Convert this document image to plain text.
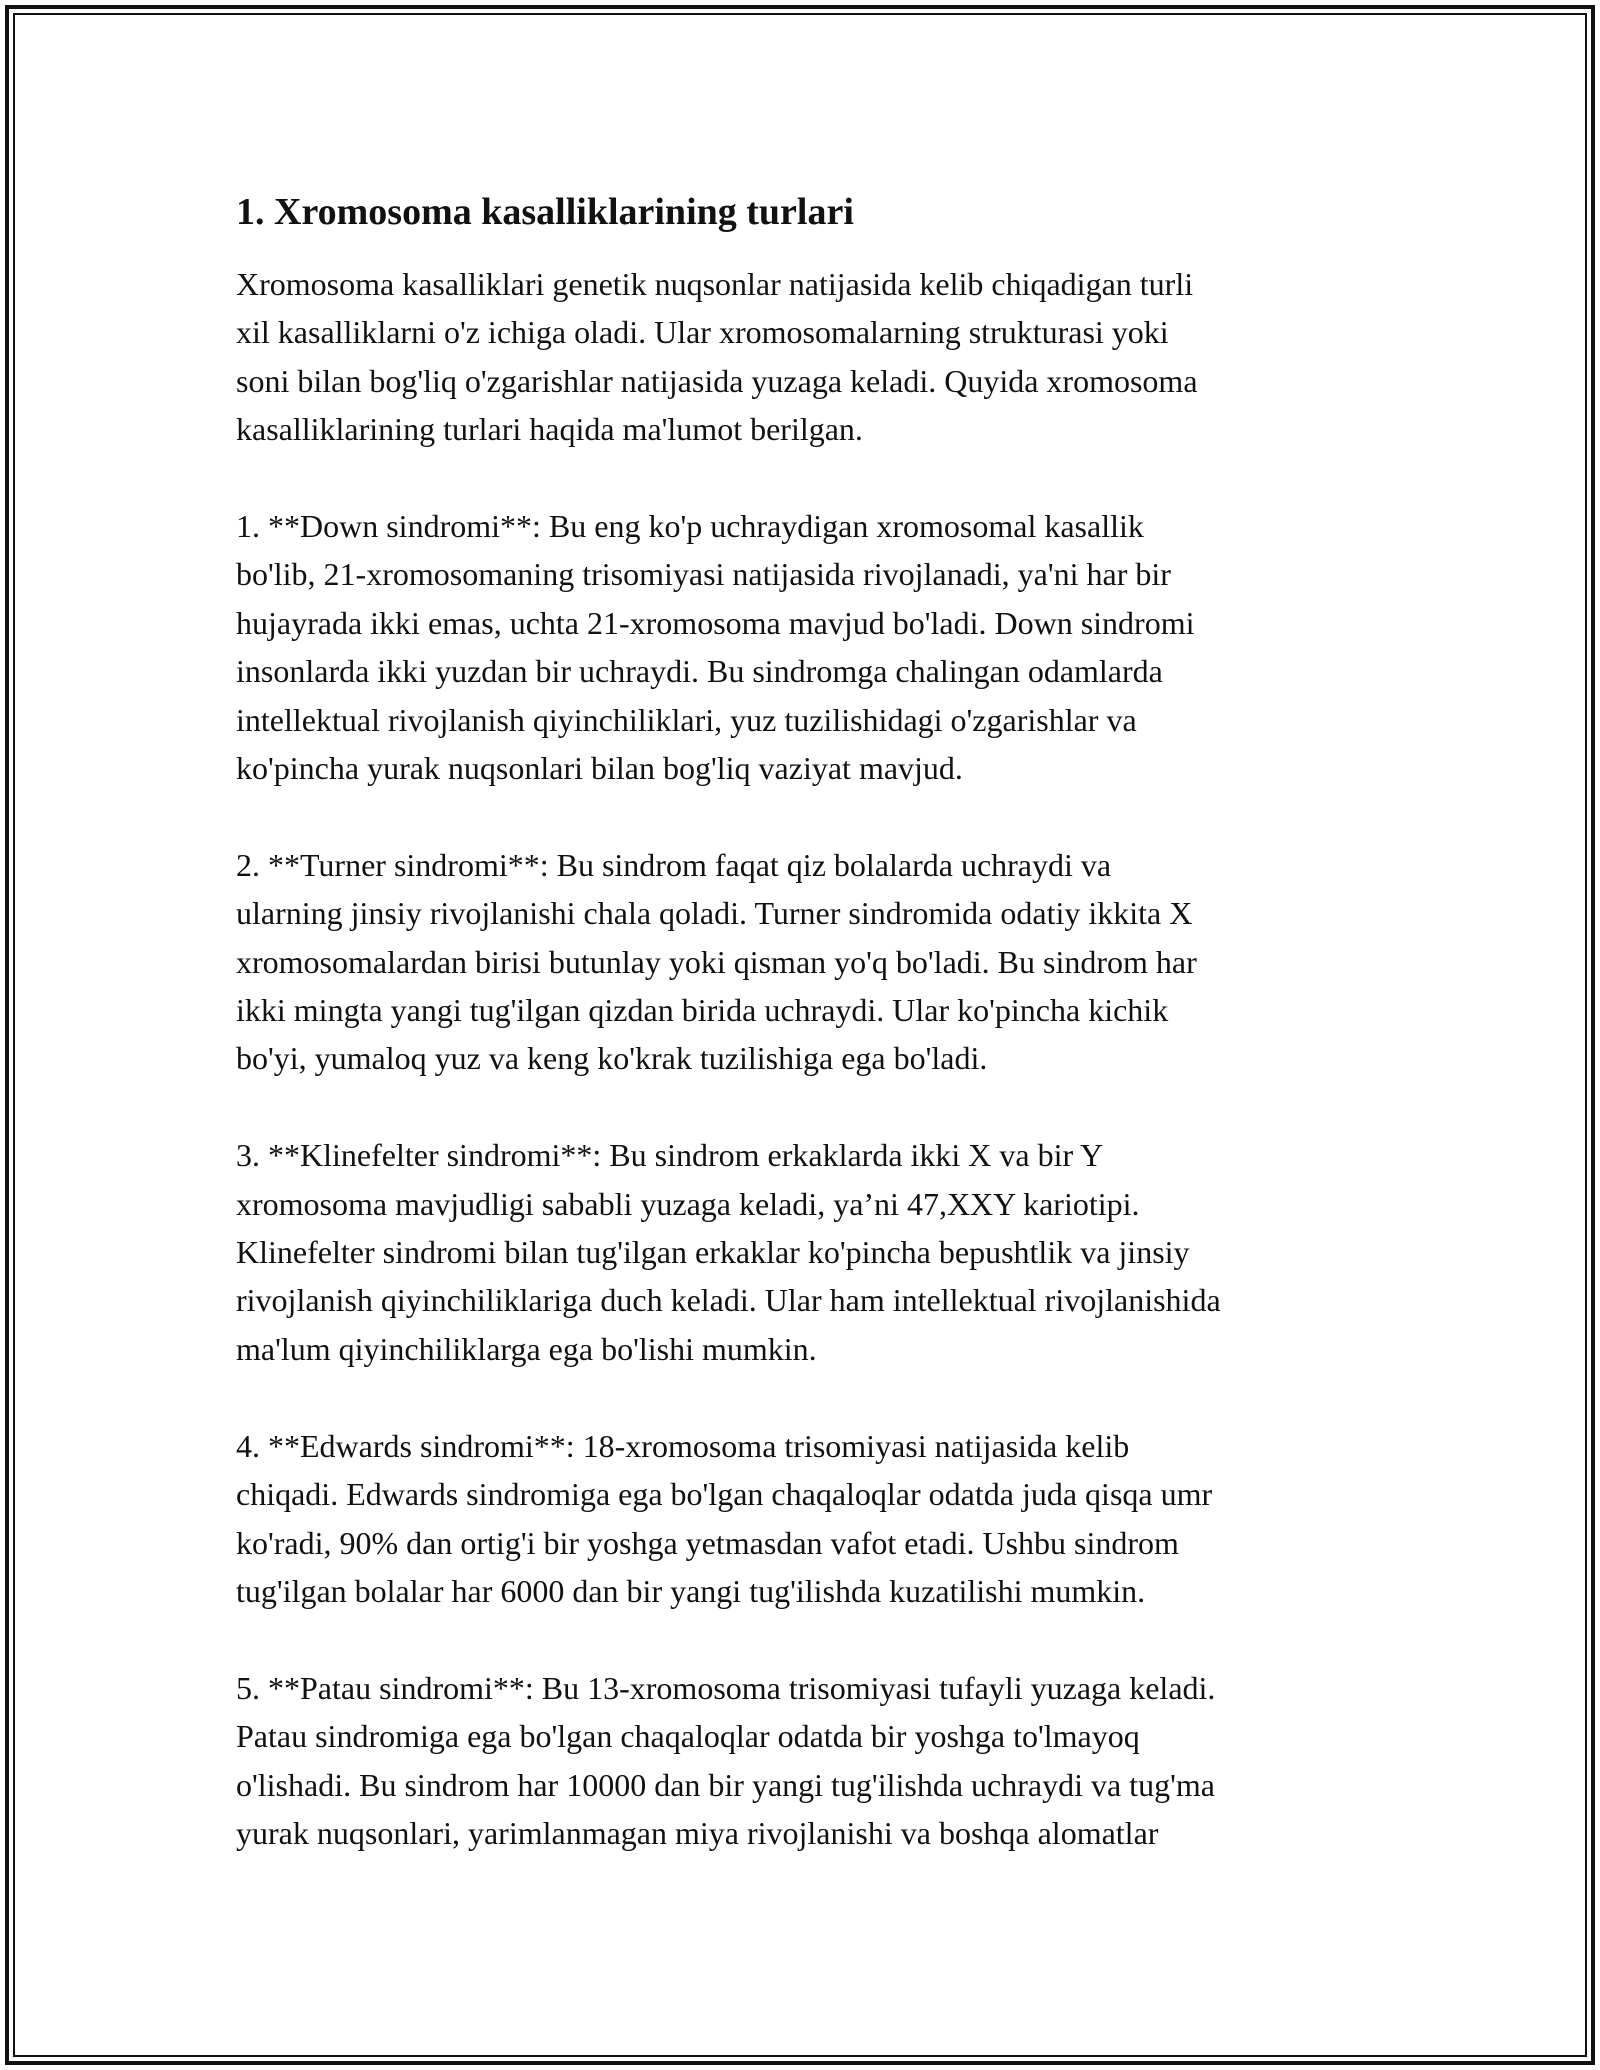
1. Xromosoma kasalliklarining turlari

Xromosoma kasalliklari genetik nuqsonlar natijasida kelib chiqadigan turli
xil kasalliklarni o'z ichiga oladi. Ular xromosomalarning strukturasi yoki
soni bilan bog'liq o'zgarishlar natijasida yuzaga keladi. Quyida xromosoma
kasalliklarining turlari haqida ma'lumot berilgan.

1. **Down sindromi**: Bu eng ko'p uchraydigan xromosomal kasallik
bo'lib, 21-xromosomaning trisomiyasi natijasida rivojlanadi, ya'ni har bir
hujayrada ikki emas, uchta 21-xromosoma mavjud bo'ladi. Down sindromi
insonlarda ikki yuzdan bir uchraydi. Bu sindromga chalingan odamlarda
intellektual rivojlanish qiyinchiliklari, yuz tuzilishidagi o'zgarishlar va
ko'pincha yurak nuqsonlari bilan bog'liq vaziyat mavjud.

2. **Turner sindromi**: Bu sindrom faqat qiz bolalarda uchraydi va
ularning jinsiy rivojlanishi chala qoladi. Turner sindromida odatiy ikkita X
xromosomalardan birisi butunlay yoki qisman yo'q bo'ladi. Bu sindrom har
ikki mingta yangi tug'ilgan qizdan birida uchraydi. Ular ko'pincha kichik
bo'yi, yumaloq yuz va keng ko'krak tuzilishiga ega bo'ladi.

3. **Klinefelter sindromi**: Bu sindrom erkaklarda ikki X va bir Y
xromosoma mavjudligi sababli yuzaga keladi, ya’ni 47,XXY kariotipi.
Klinefelter sindromi bilan tug'ilgan erkaklar ko'pincha bepushtlik va jinsiy
rivojlanish qiyinchiliklariga duch keladi. Ular ham intellektual rivojlanishida
ma'lum qiyinchiliklarga ega bo'lishi mumkin.

4. **Edwards sindromi**: 18-xromosoma trisomiyasi natijasida kelib
chiqadi. Edwards sindromiga ega bo'lgan chaqaloqlar odatda juda qisqa umr
ko'radi, 90% dan ortig'i bir yoshga yetmasdan vafot etadi. Ushbu sindrom
tug'ilgan bolalar har 6000 dan bir yangi tug'ilishda kuzatilishi mumkin.

5. **Patau sindromi**: Bu 13-xromosoma trisomiyasi tufayli yuzaga keladi.
Patau sindromiga ega bo'lgan chaqaloqlar odatda bir yoshga to'lmayoq
o'lishadi. Bu sindrom har 10000 dan bir yangi tug'ilishda uchraydi va tug'ma
yurak nuqsonlari, yarimlanmagan miya rivojlanishi va boshqa alomatlar
